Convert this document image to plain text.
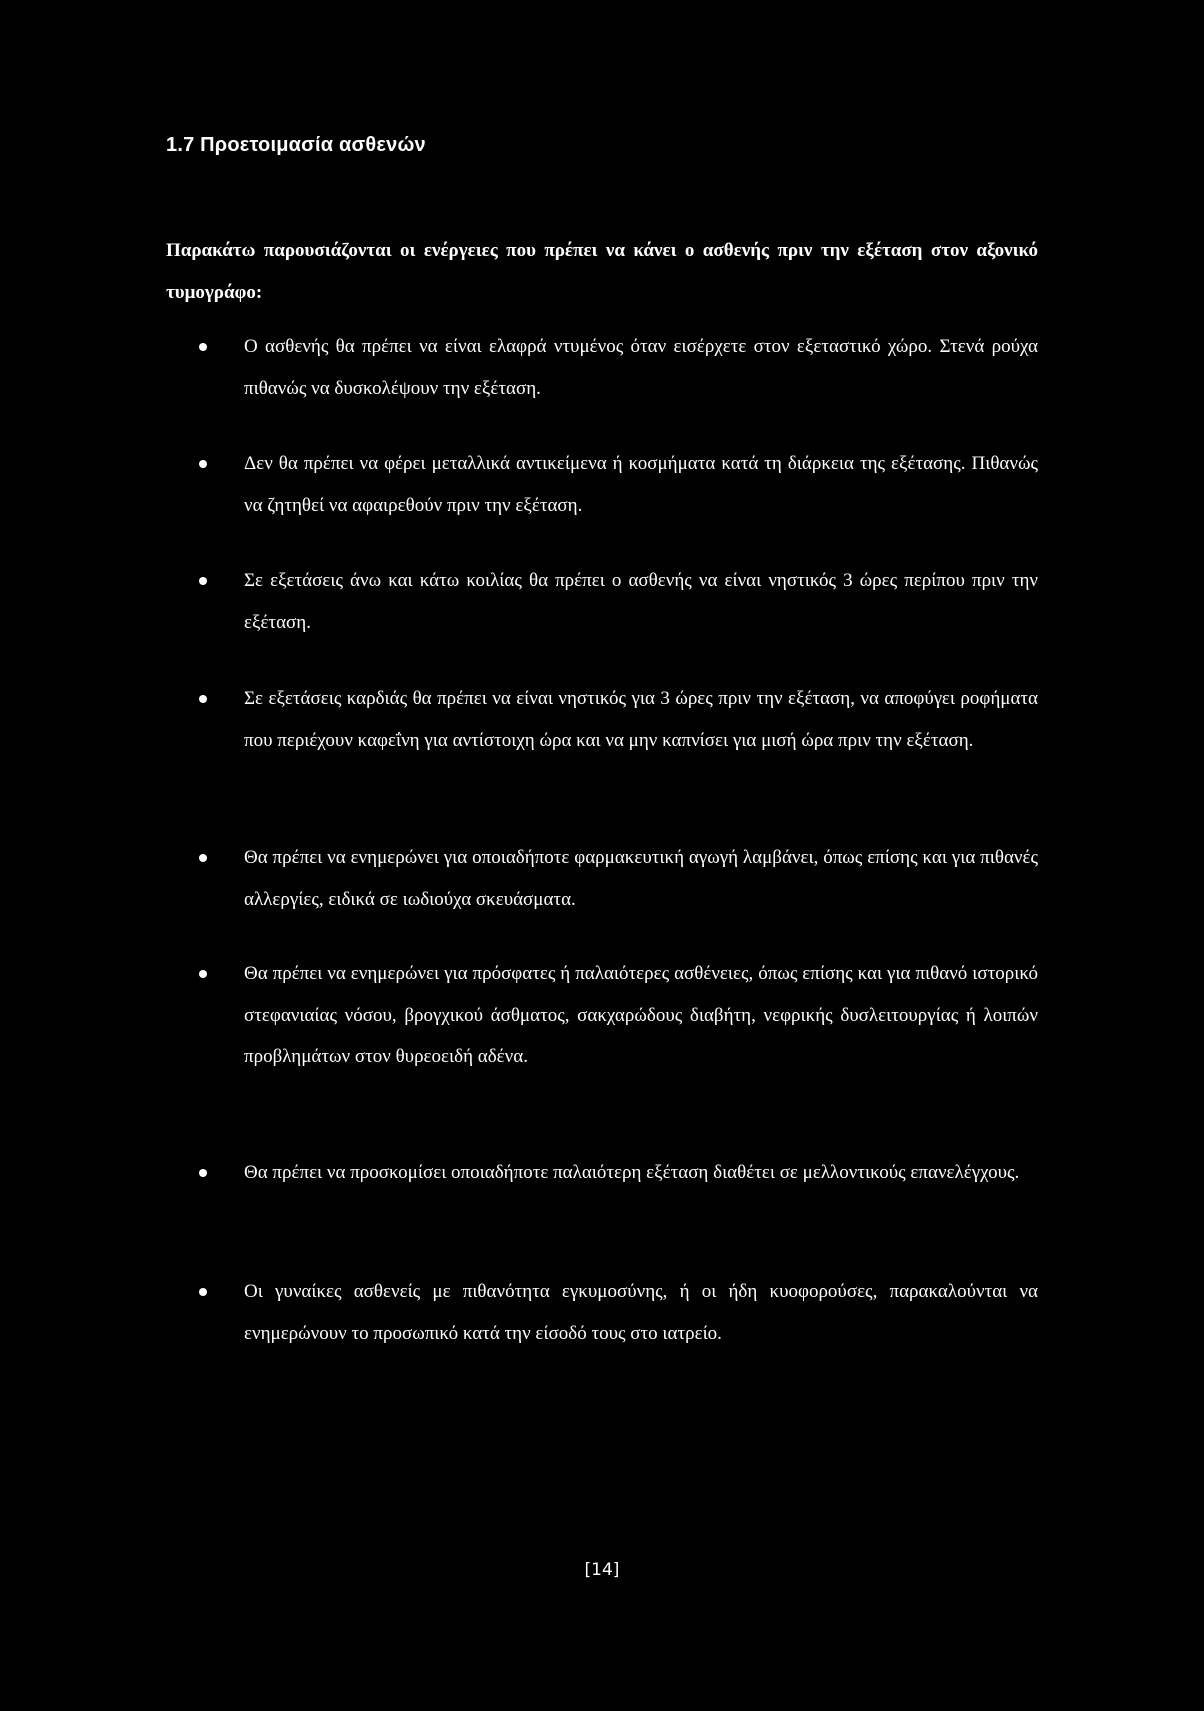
1.7 Προετοιμασία ασθενών

Παρακάτω παρουσιάζονται οι ενέργειες που πρέπει να κάνει ο ασθενής πριν την εξέταση στον αξονικό τυμογράφο:

Ο ασθενής θα πρέπει να είναι ελαφρά ντυμένος όταν εισέρχετε στον εξεταστικό χώρο. Στενά ρούχα πιθανώς να δυσκολέψουν την εξέταση.
Δεν θα πρέπει να φέρει μεταλλικά αντικείμενα ή κοσμήματα κατά τη διάρκεια της εξέτασης. Πιθανώς να ζητηθεί να αφαιρεθούν πριν την εξέταση.
Σε εξετάσεις άνω και κάτω κοιλίας θα πρέπει ο ασθενής να είναι νηστικός 3 ώρες περίπου πριν την εξέταση.
Σε εξετάσεις καρδιάς θα πρέπει να είναι νηστικός για 3 ώρες πριν την εξέταση, να αποφύγει ροφήματα που περιέχουν καφεΐνη για αντίστοιχη ώρα και να μην καπνίσει για μισή ώρα πριν την εξέταση.
Θα πρέπει να ενημερώνει για οποιαδήποτε φαρμακευτική αγωγή λαμβάνει, όπως επίσης και για πιθανές αλλεργίες, ειδικά σε ιωδιούχα σκευάσματα.
Θα πρέπει να ενημερώνει για πρόσφατες ή παλαιότερες ασθένειες, όπως επίσης και για πιθανό ιστορικό στεφανιαίας νόσου, βρογχικού άσθματος, σακχαρώδους διαβήτη, νεφρικής δυσλειτουργίας ή λοιπών προβλημάτων στον θυρεοειδή αδένα.
Θα πρέπει να προσκομίσει οποιαδήποτε παλαιότερη εξέταση διαθέτει σε μελλοντικούς επανελέγχους.
Οι γυναίκες ασθενείς με πιθανότητα εγκυμοσύνης, ή οι ήδη κυοφορούσες, παρακαλούνται να ενημερώνουν το προσωπικό κατά την είσοδό τους στο ιατρείο.
[14]
